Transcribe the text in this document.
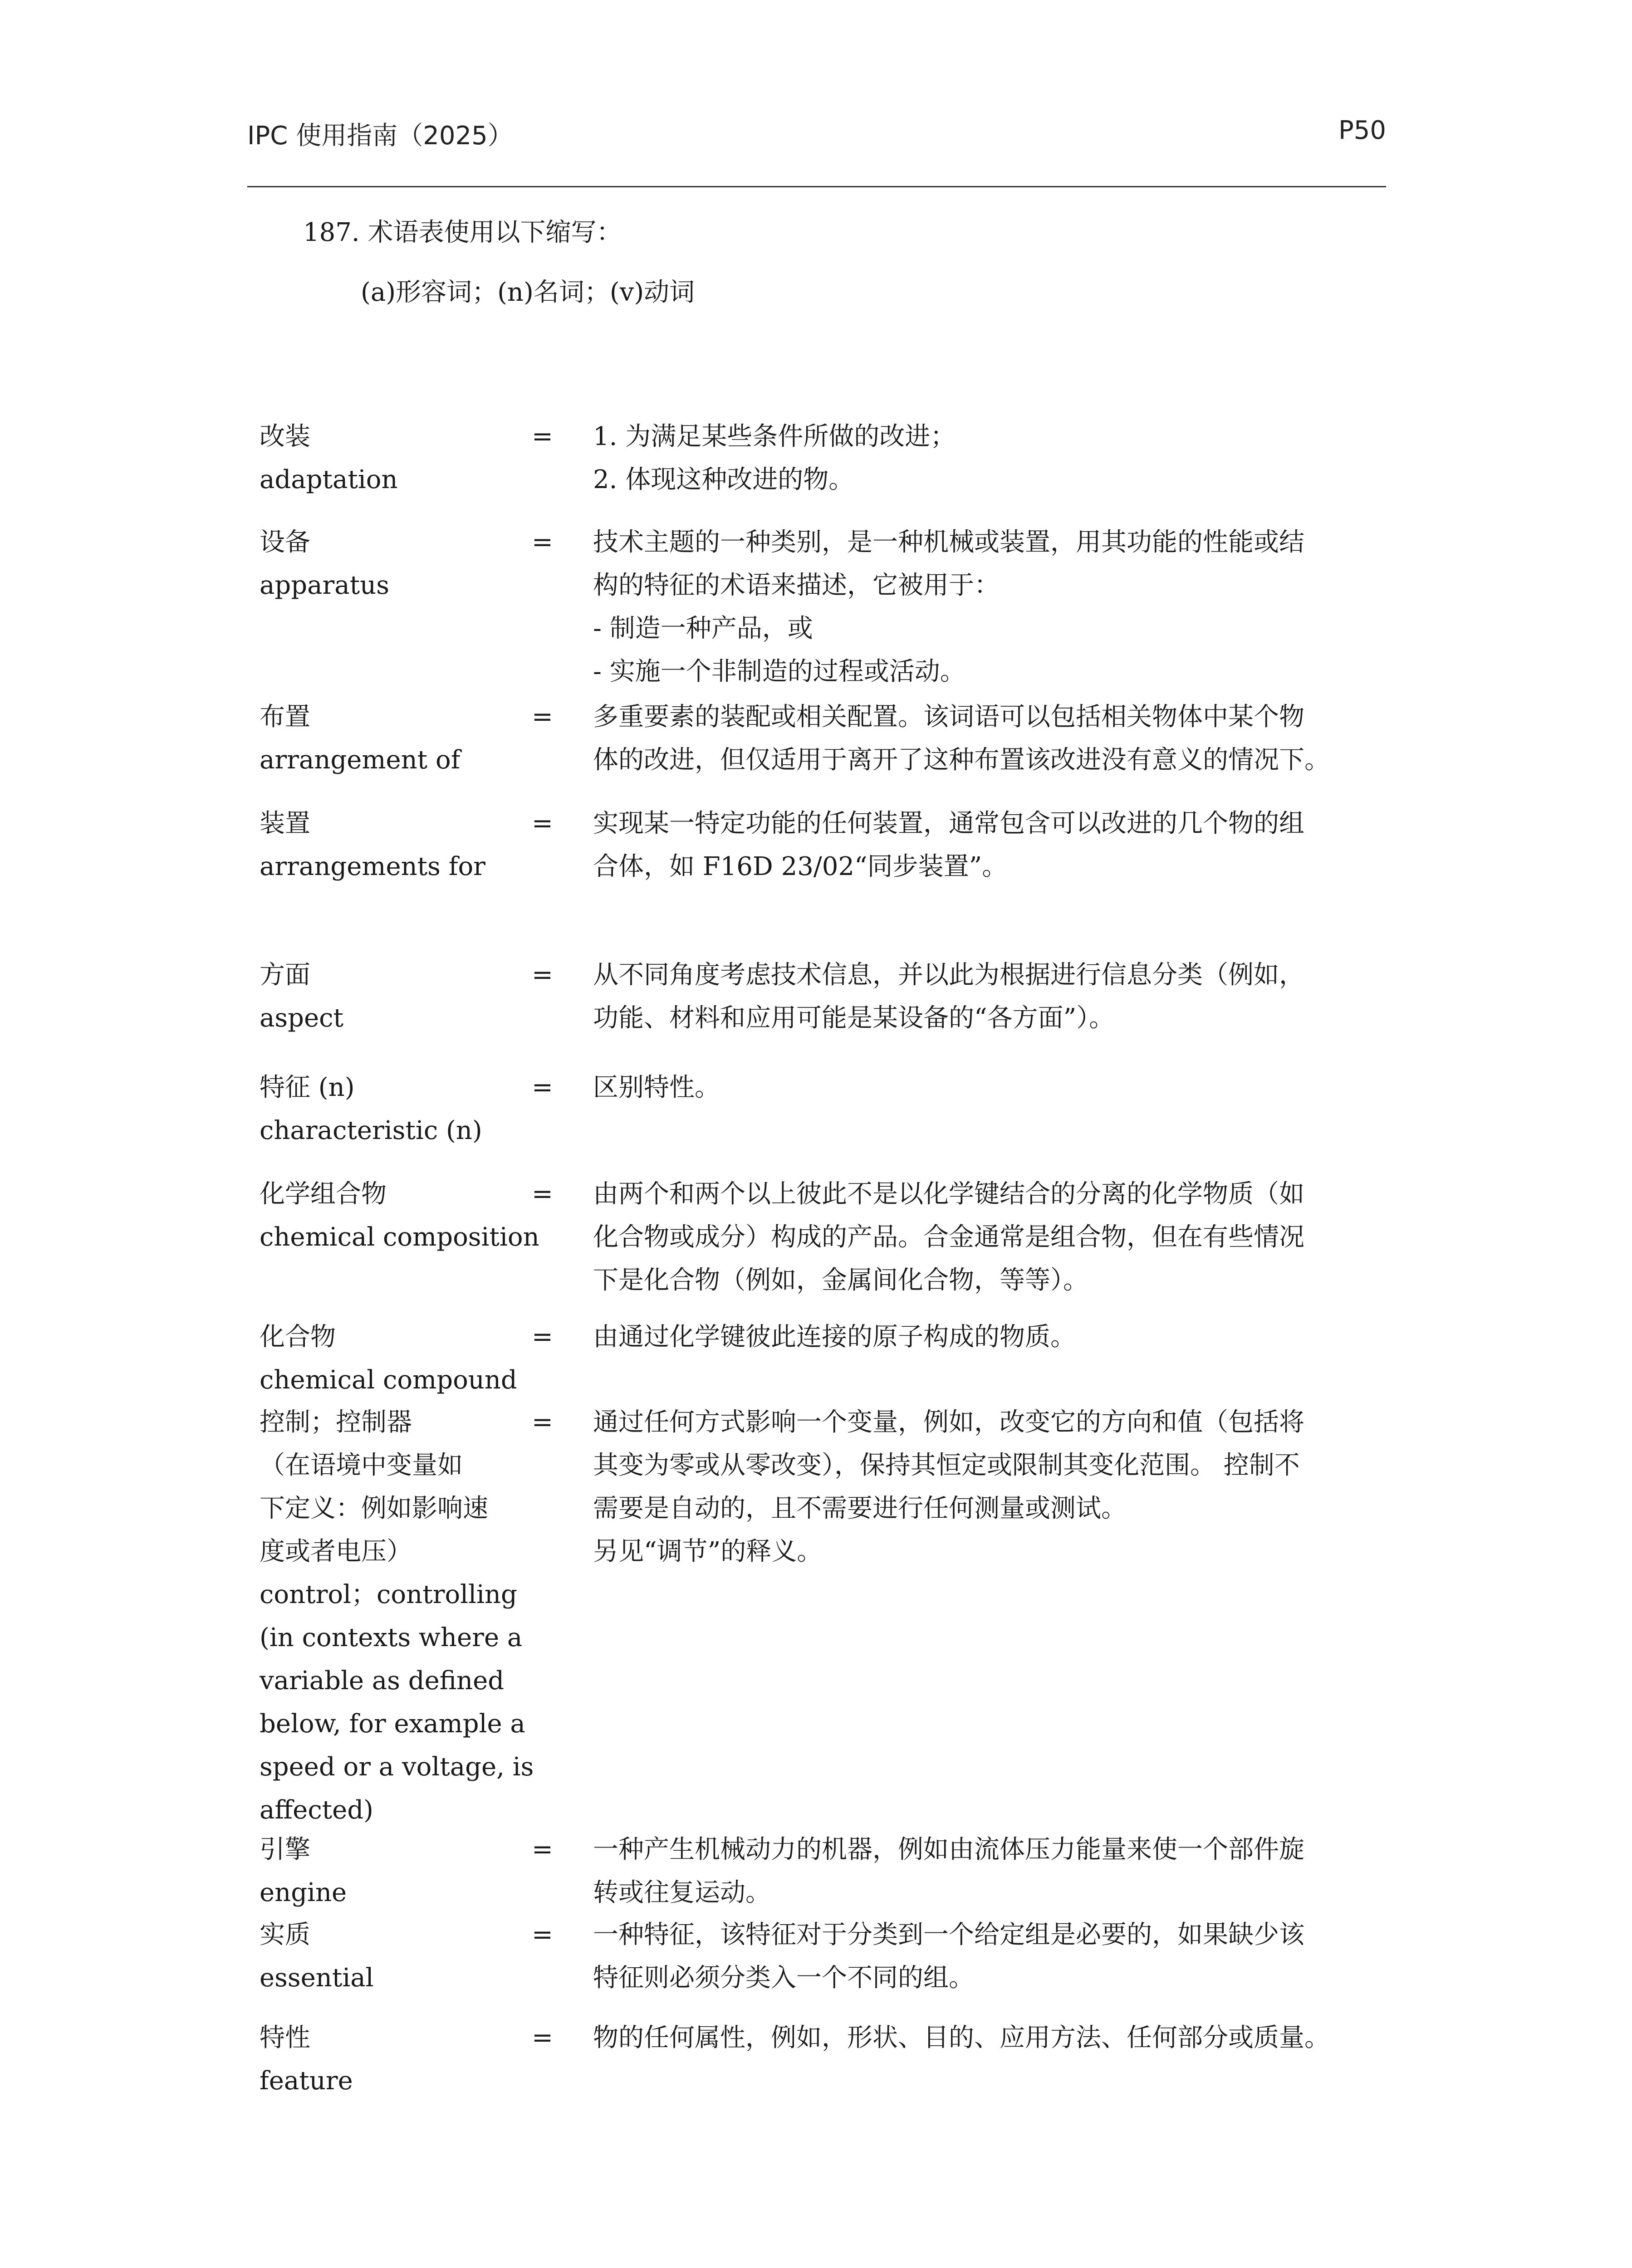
IPC 使用指南（2025）	P50
187. 术语表使用以下缩写：
(a)形容词；(n)名词；(v)动词
改装
adaptation
= 1. 为满足某些条件所做的改进；
2. 体现这种改进的物。
设备
apparatus
= 技术主题的一种类别，是一种机械或装置，用其功能的性能或结
构的特征的术语来描述，它被用于：
- 制造一种产品，或
- 实施一个非制造的过程或活动。
布置
arrangement of
= 多重要素的装配或相关配置。该词语可以包括相关物体中某个物
体的改进，但仅适用于离开了这种布置该改进没有意义的情况下。
装置
arrangements for
= 实现某一特定功能的任何装置，通常包含可以改进的几个物的组
合体，如 F16D 23/02“同步装置”。
方面
aspect
= 从不同角度考虑技术信息，并以此为根据进行信息分类（例如，
功能、材料和应用可能是某设备的“各方面”）。
特征 (n)
characteristic (n)
= 区别特性。
化学组合物
chemical composition
= 由两个和两个以上彼此不是以化学键结合的分离的化学物质（如
化合物或成分）构成的产品。合金通常是组合物，但在有些情况
下是化合物（例如，金属间化合物，等等）。
化合物
chemical compound
= 由通过化学键彼此连接的原子构成的物质。
控制；控制器
（在语境中变量如
下定义：例如影响速
度或者电压）
control；controlling
(in contexts where a
variable as defined
below, for example a
speed or a voltage, is
affected)
= 通过任何方式影响一个变量，例如，改变它的方向和值（包括将
其变为零或从零改变），保持其恒定或限制其变化范围。 控制不
需要是自动的，且不需要进行任何测量或测试。
另见“调节”的释义。
引擎
engine
= 一种产生机械动力的机器，例如由流体压力能量来使一个部件旋
转或往复运动。
实质
essential
= 一种特征，该特征对于分类到一个给定组是必要的，如果缺少该
特征则必须分类入一个不同的组。
特性
feature
= 物的任何属性，例如，形状、目的、应用方法、任何部分或质量。
